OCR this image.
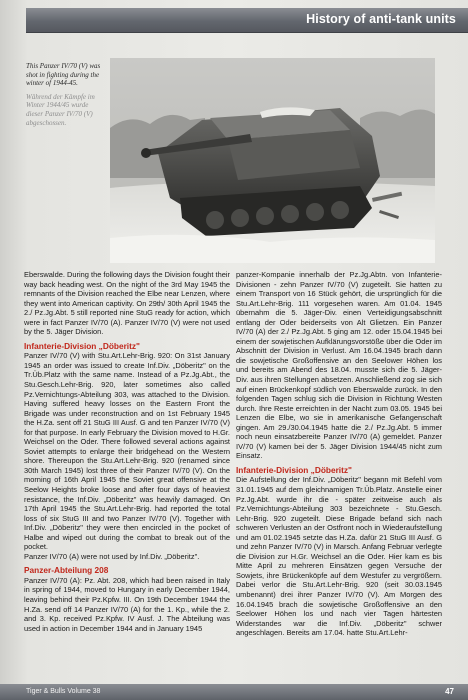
History of anti-tank units
This Panzer IV/70 (V) was shot in fighting during the winter of 1944-45.
Während der Kämpfe im Winter 1944/45 wurde dieser Panzer IV/70 (V) abgeschossen.

Eberswalde. During the following days the Division fought their way back heading west. On the night of the 3rd May 1945 the remnants of the Division reached the Elbe near Lenzen, where they went into American captivity. On 29th/ 30th April 1945 the 2./ Pz.Jg.Abt. 5 still reported nine StuG ready for action, which were in fact Panzer IV/70 (A). Panzer IV/70 (V) were not used by the 5. Jäger Division.

Infanterie-Division „Döberitz"

Panzer IV/70 (V) with Stu.Art.Lehr-Brig. 920: On 31st January 1945 an order was issued to create Inf.Div. „Döberitz" on the Tr.Üb.Platz with the same name. Instead of a Pz.Jg.Abt., the Stu.Gesch.Lehr-Brig. 920, later sometimes also called Pz.Vernichtungs-Abteilung 303, was attached to the Division. Having suffered heavy losses on the Eastern Front the Brigade was under reconstruction and on 1st February 1945 the H.Za. sent off 21 StuG III Ausf. G and ten Panzer IV/70 (V) for that purpose. In early February the Division moved to H.Gr. Weichsel on the Oder. There followed several actions against Soviet attempts to enlarge their bridgehead on the Western shore. Thereupon the Stu.Art.Lehr-Brig. 920 (renamed since 30th March 1945) lost three of their Panzer IV/70 (V). On the morning of 16th April 1945 the Soviet great offensive at the Seelow Heights broke loose and after four days of heaviest resistance, the Inf.Div. „Döberitz" was heavily damaged. On 17th April 1945 the Stu.Art.Lehr-Brig. had reported the total loss of six StuG III and two Panzer IV/70 (V). Together with Inf.Div. „Döberitz" they were then encircled in the pocket of Halbe and wiped out during the combat to break out of the pocket.

Panzer IV/70 (A) were not used by Inf.Div. „Döberitz".

Panzer-Abteilung 208

Panzer IV/70 (A): Pz. Abt. 208, which had been raised in Italy in spring of 1944, moved to Hungary in early December 1944, leaving behind their Pz.Kpfw. III. On 19th December 1944 the H.Za. send off 14 Panzer IV/70 (A) for the 1. Kp., while the 2. and 3. Kp. received Pz.Kpfw. IV Ausf. J. The Abteilung was used in action in December 1944 and in January 1945

panzer-Kompanie innerhalb der Pz.Jg.Abtn. von Infanterie-Divisionen - zehn Panzer IV/70 (V) zugeteilt. Sie hatten zu einem Transport von 16 Stück gehört, die ursprünglich für die Stu.Art.Lehr-Brig. 111 vorgesehen waren. Am 01.04. 1945 übernahm die 5. Jäger-Div. einen Verteidigungsabschnitt entlang der Oder beiderseits von Alt Glietzen. Ein Panzer IV/70 (A) der 2./ Pz.Jg.Abt. 5 ging am 12. oder 15.04.1945 bei einem der sowjetischen Aufklärungsvorstöße über die Oder im Abschnitt der Division in Verlust. Am 16.04.1945 brach dann die sowjetische Großoffensive an den Seelower Höhen los und bereits am Abend des 18.04. musste sich die 5. Jäger-Div. aus ihren Stellungen absetzen. Anschließend zog sie sich auf einen Brückenkopf südlich von Eberswalde zurück. In den folgenden Tagen schlug sich die Division in Richtung Westen durch. Ihre Reste erreichten in der Nacht zum 03.05. 1945 bei Lenzen die Elbe, wo sie in amerikanische Gefangenschaft gingen. Am 29./30.04.1945 hatte die 2./ Pz.Jg.Abt. 5 immer noch neun einsatzbereite Panzer IV/70 (A) gemeldet. Panzer IV/70 (V) kamen bei der 5. Jäger Division 1944/45 nicht zum Einsatz.

Infanterie-Division „Döberitz"

Die Aufstellung der Inf.Div. „Döberitz" begann mit Befehl vom 31.01.1945 auf dem gleichnamigen Tr.Üb.Platz. Anstelle einer Pz.Jg.Abt. wurde ihr die - später zeitweise auch als Pz.Vernichtungs-Abteilung 303 bezeichnete - Stu.Gesch. Lehr-Brig. 920 zugeteilt. Diese Brigade befand sich nach schweren Verlusten an der Ostfront noch in Wiederaufstellung und am 01.02.1945 setzte das H.Za. dafür 21 StuG III Ausf. G und zehn Panzer IV/70 (V) in Marsch. Anfang Februar verlegte die Division zur H.Gr. Weichsel an die Oder. Hier kam es bis Mitte April zu mehreren Einsätzen gegen Versuche der Sowjets, ihre Brückenköpfe auf dem Westufer zu vergrößern. Dabei verlor die Stu.Art.Lehr-Brig. 920 (seit 30.03.1945 umbenannt) drei ihrer Panzer IV/70 (V). Am Morgen des 16.04.1945 brach die sowjetische Großoffensive an den Seelower Höhen los und nach vier Tagen härtesten Widerstandes war die Inf.Div. „Döberitz" schwer angeschlagen. Bereits am 17.04. hatte Stu.Art.Lehr-

Tiger & Bulls Volume 38	47
